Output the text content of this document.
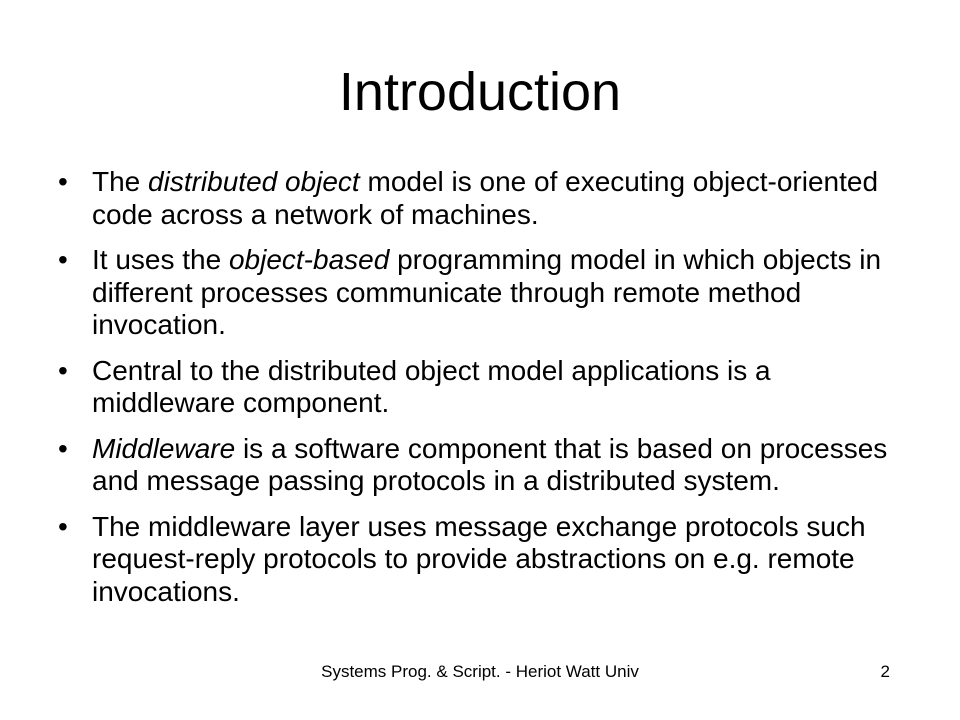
Introduction
• The distributed object model is one of executing object-oriented code across a network of machines.
• It uses the object-based programming model in which objects in different processes communicate through remote method invocation.
• Central to the distributed object model applications is a middleware component.
• Middleware is a software component that is based on processes and message passing protocols in a distributed system.
• The middleware layer uses message exchange protocols such request-reply protocols to provide abstractions on e.g. remote invocations.
Systems Prog. & Script. - Heriot Watt Univ	2
